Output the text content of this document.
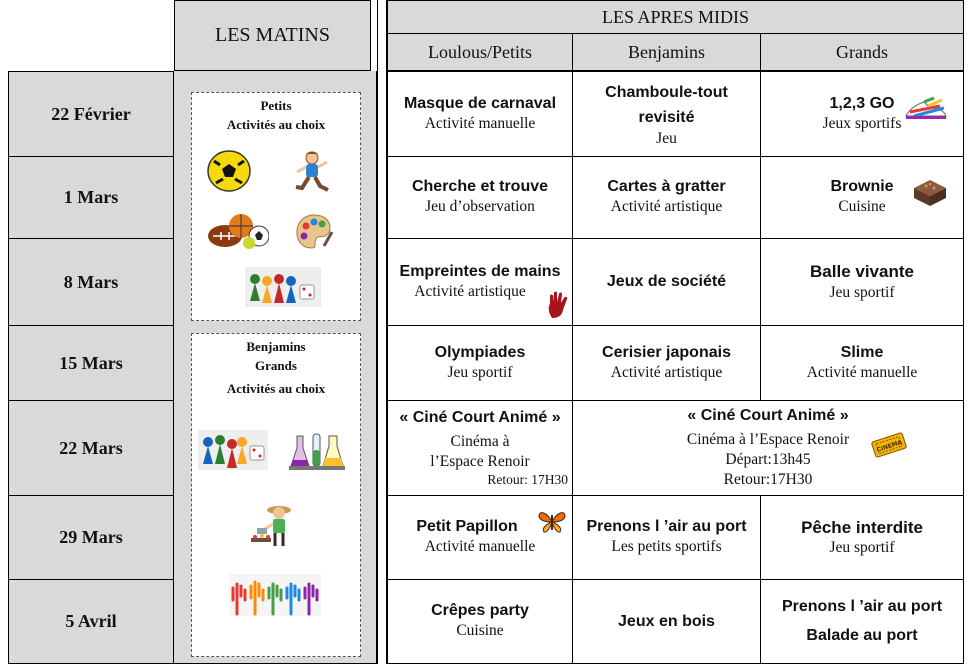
LES MATINS
LES APRES MIDIS
Loulous/Petits	Benjamins	Grands
22 Février
1 Mars
8 Mars
15 Mars
22 Mars
29 Mars
5 Avril
Petits
Activités au choix
Benjamins
Grands
Activités au choix
Masque de carnaval
Activité manuelle
Chamboule-tout
revisité
Jeu
1,2,3 GO
Jeux sportifs
Cherche et trouve
Jeu d’observation
Cartes à gratter
Activité artistique
Brownie
Cuisine
Empreintes de mains
Activité artistique
Jeux de société
Balle vivante
Jeu sportif
Olympiades
Jeu sportif
Cerisier japonais
Activité artistique
Slime
Activité manuelle
« Ciné Court Animé »
Cinéma à
l’Espace Renoir
Retour: 17H30
« Ciné Court Animé »
Cinéma à l’Espace Renoir
Départ:13h45
Retour:17H30
CINEMA
Petit Papillon
Activité manuelle
Prenons l ’air au port
Les petits sportifs
Pêche interdite
Jeu sportif
Crêpes party
Cuisine
Jeux en bois
Prenons l ’air au port
Balade au port
